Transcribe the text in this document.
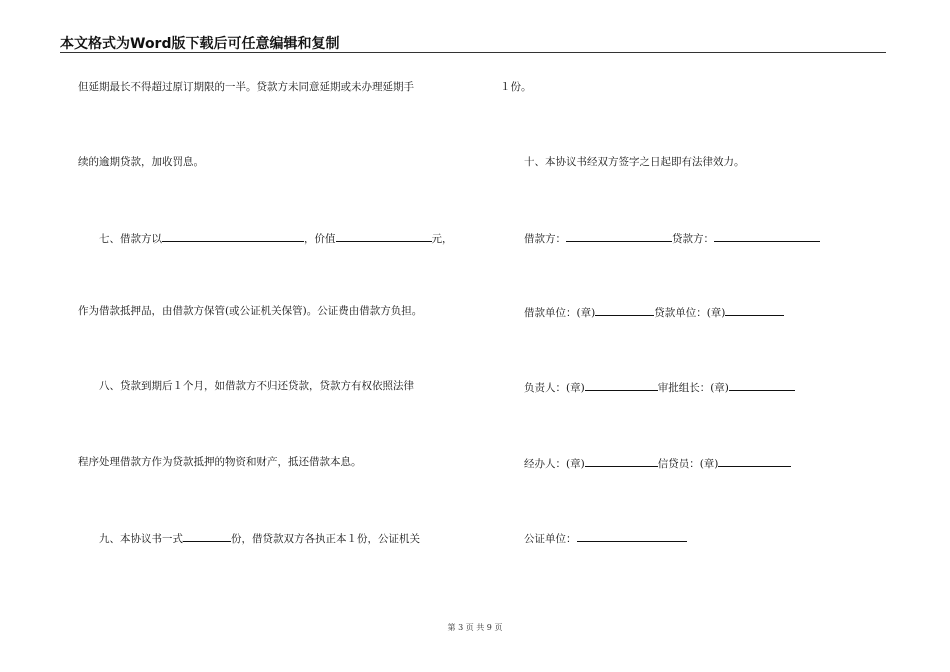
本文格式为Word版下载后可任意编辑和复制
但延期最长不得超过原订期限的一半。贷款方未同意延期或未办理延期手
续的逾期贷款，加收罚息。
七、借款方以	，价值	元，
作为借款抵押品，由借款方保管(或公证机关保管)。公证费由借款方负担。
八、贷款到期后１个月，如借款方不归还贷款，贷款方有权依照法律
程序处理借款方作为贷款抵押的物资和财产，抵还借款本息。
九、本协议书一式	份，借贷款双方各执正本１份，公证机关
１份。
十、本协议书经双方签字之日起即有法律效力。
借款方：	贷款方：
借款单位：(章)	贷款单位：(章)
负责人：(章)	审批组长：(章)
经办人：(章)	信贷员：(章)
公证单位：
第 3 页 共 9 页
